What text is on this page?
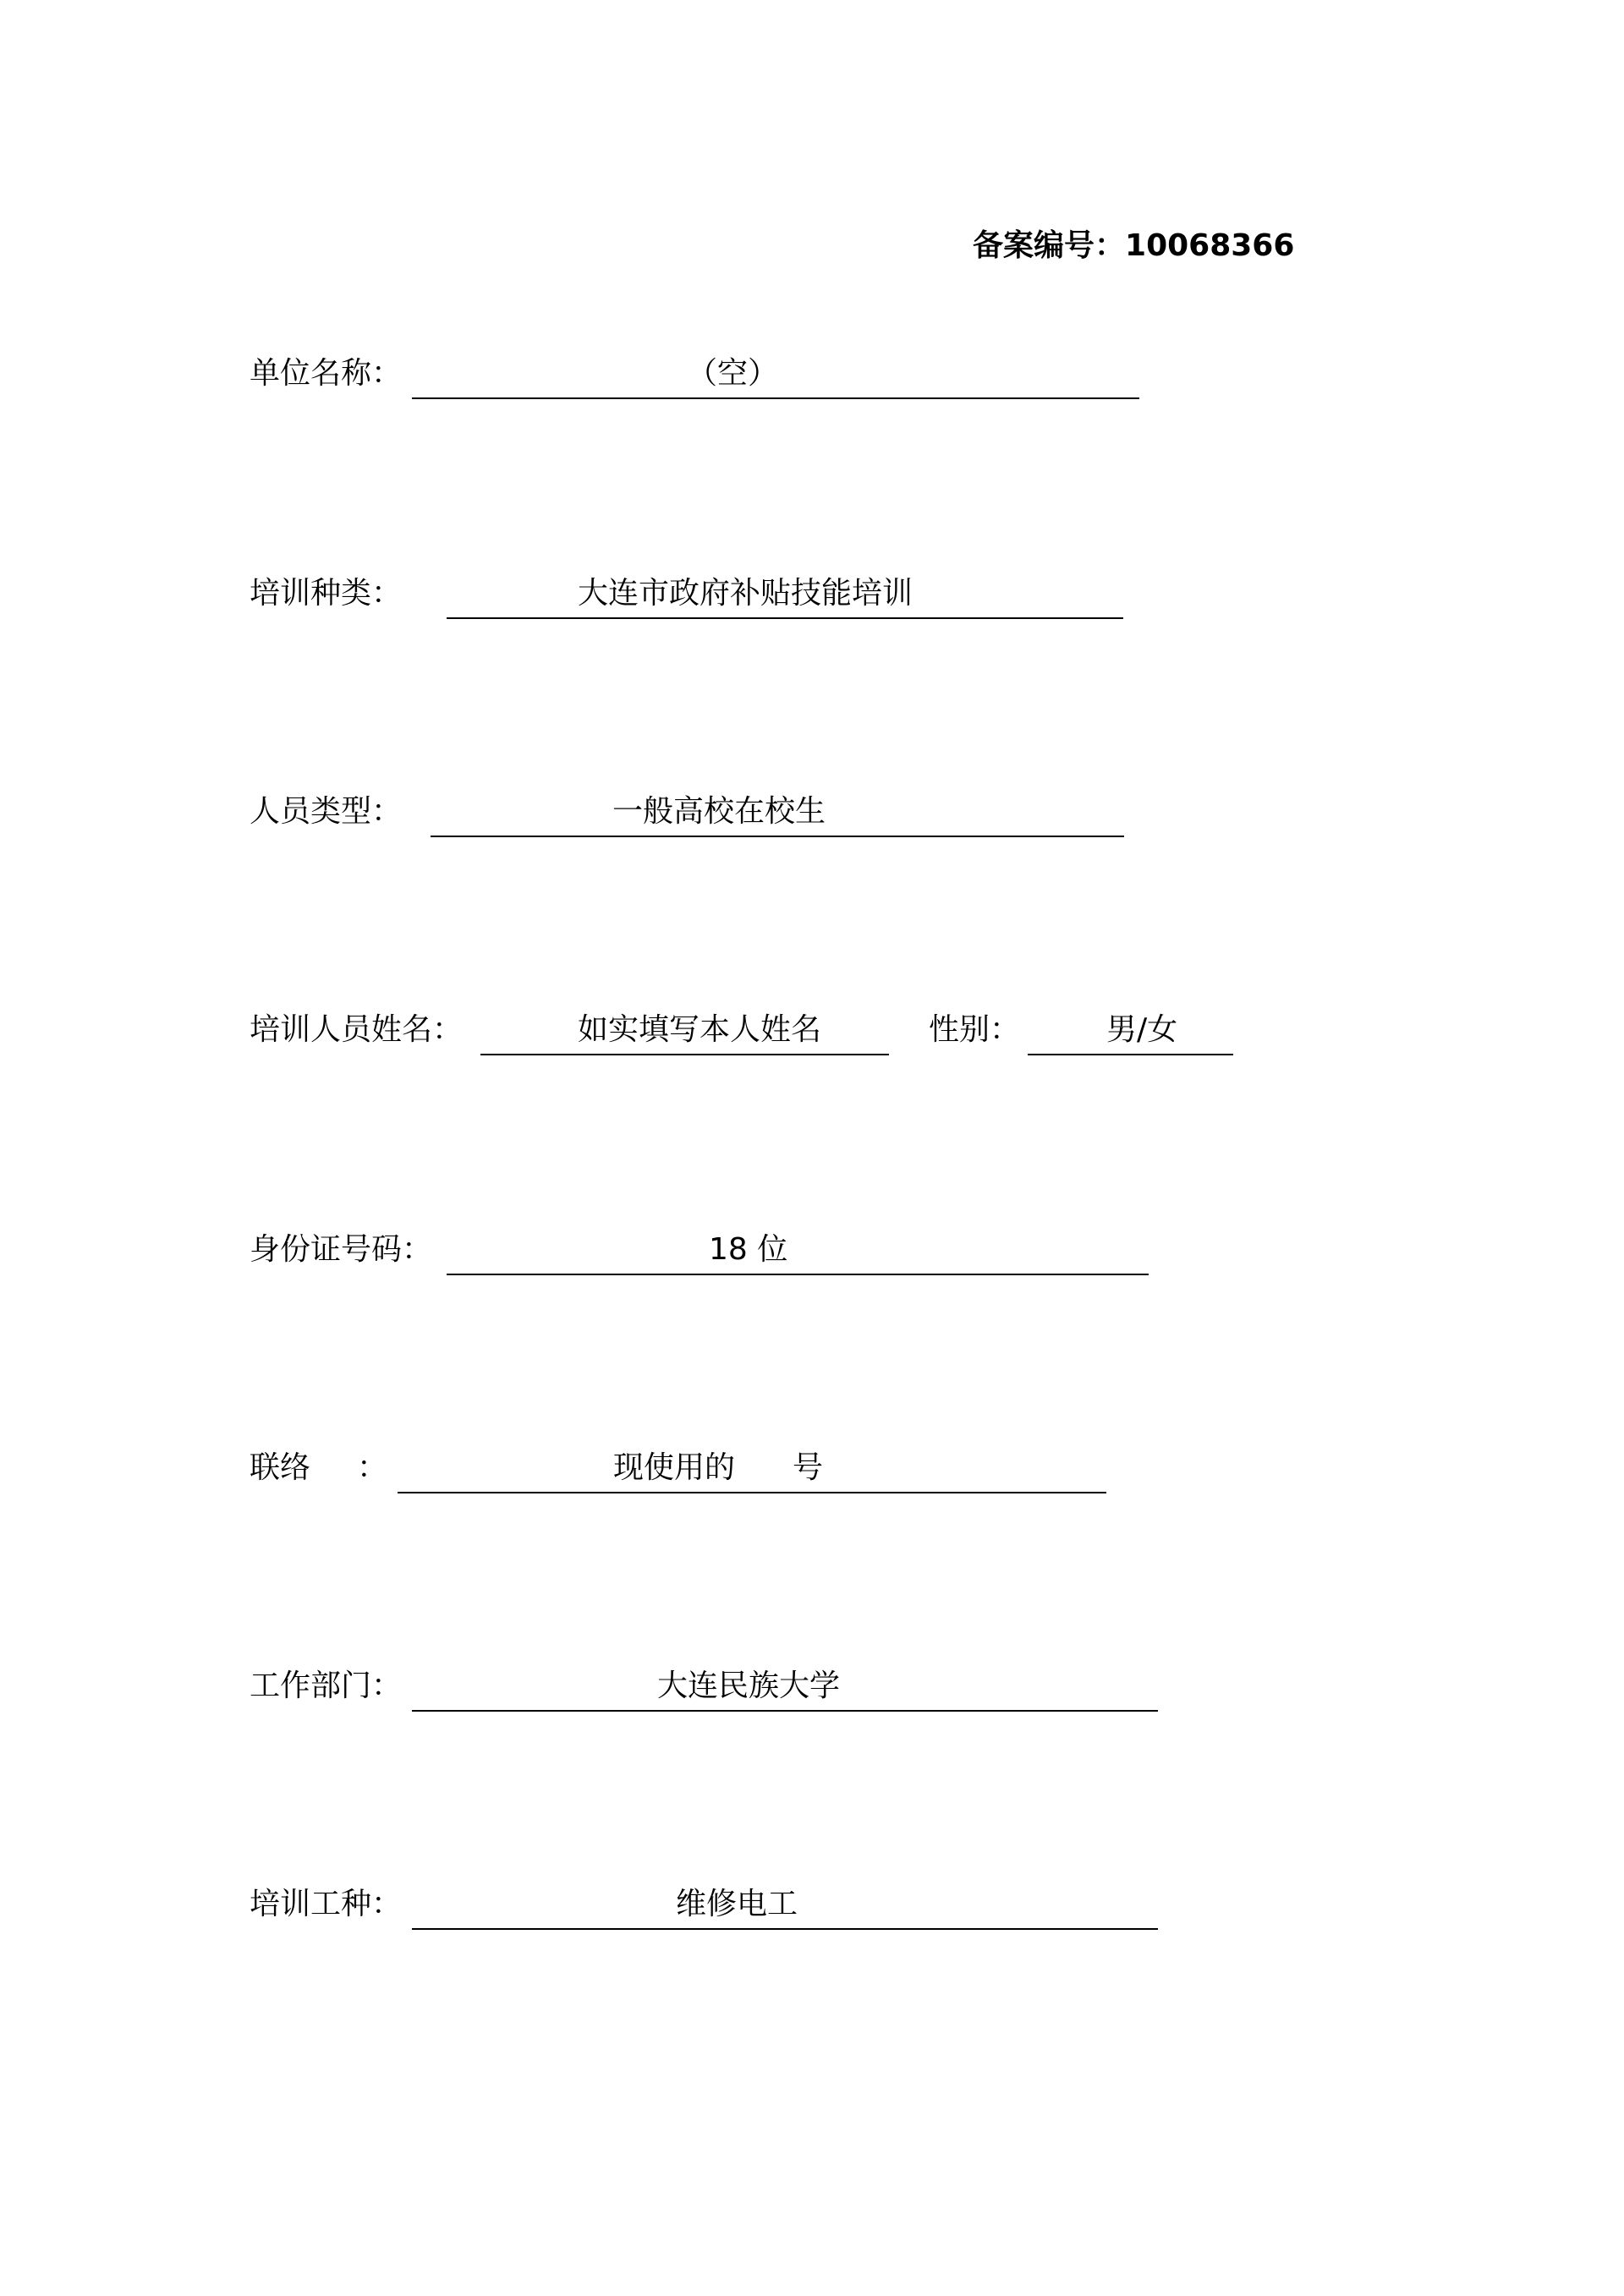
备案编号：10068366
单位名称：	（空）
培训种类：	大连市政府补贴技能培训
人员类型：	一般高校在校生
培训人员姓名：	如实填写本人姓名	性别：	男/女
身份证号码：	18 位
联络 ：	现使用的 号
工作部门：	大连民族大学
培训工种：	维修电工
